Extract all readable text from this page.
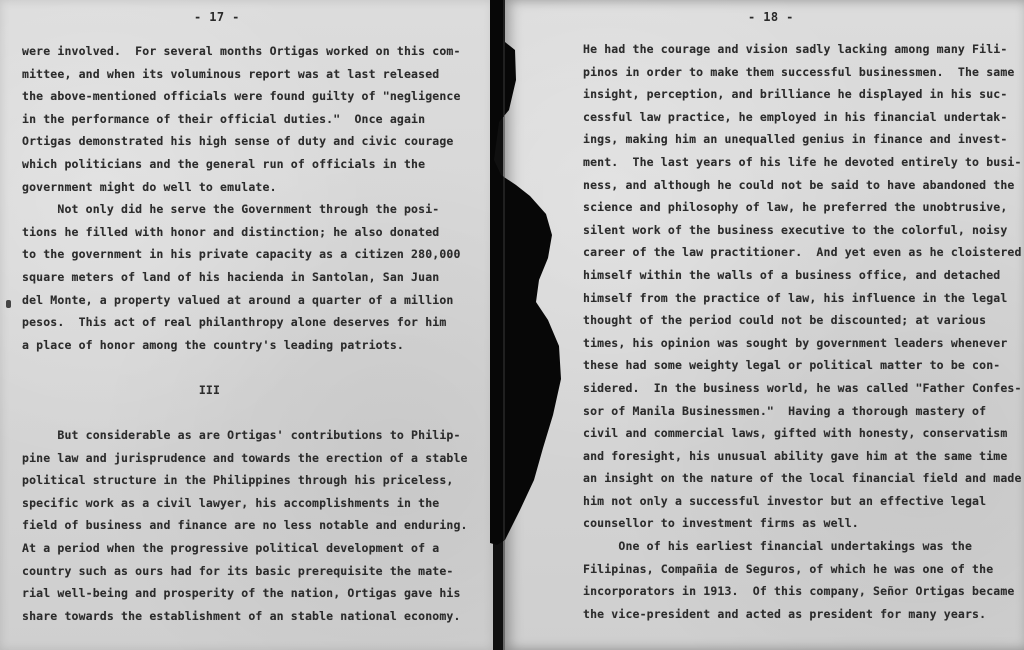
- 17 -
were involved.  For several months Ortigas worked on this com-
mittee, and when its voluminous report was at last released
the above-mentioned officials were found guilty of "negligence
in the performance of their official duties."  Once again
Ortigas demonstrated his high sense of duty and civic courage
which politicians and the general run of officials in the
government might do well to emulate.
Not only did he serve the Government through the posi-
tions he filled with honor and distinction; he also donated
to the government in his private capacity as a citizen 280,000
square meters of land of his hacienda in Santolan, San Juan
del Monte, a property valued at around a quarter of a million
pesos.  This act of real philanthropy alone deserves for him
a place of honor among the country's leading patriots.

III

But considerable as are Ortigas' contributions to Philip-
pine law and jurisprudence and towards the erection of a stable
political structure in the Philippines through his priceless,
specific work as a civil lawyer, his accomplishments in the
field of business and finance are no less notable and enduring.
At a period when the progressive political development of a
country such as ours had for its basic prerequisite the mate-
rial well-being and prosperity of the nation, Ortigas gave his
share towards the establishment of an stable national economy.
- 18 -
He had the courage and vision sadly lacking among many Fili-
pinos in order to make them successful businessmen.  The same
insight, perception, and brilliance he displayed in his suc-
cessful law practice, he employed in his financial undertak-
ings, making him an unequalled genius in finance and invest-
ment.  The last years of his life he devoted entirely to busi-
ness, and although he could not be said to have abandoned the
science and philosophy of law, he preferred the unobtrusive,
silent work of the business executive to the colorful, noisy
career of the law practitioner.  And yet even as he cloistered
himself within the walls of a business office, and detached
himself from the practice of law, his influence in the legal
thought of the period could not be discounted; at various
times, his opinion was sought by government leaders whenever
these had some weighty legal or political matter to be con-
sidered.  In the business world, he was called "Father Confes-
sor of Manila Businessmen."  Having a thorough mastery of
civil and commercial laws, gifted with honesty, conservatism
and foresight, his unusual ability gave him at the same time
an insight on the nature of the local financial field and made
him not only a successful investor but an effective legal
counsellor to investment firms as well.
One of his earliest financial undertakings was the
Filipinas, Compañia de Seguros, of which he was one of the
incorporators in 1913.  Of this company, Señor Ortigas became
the vice-president and acted as president for many years.
